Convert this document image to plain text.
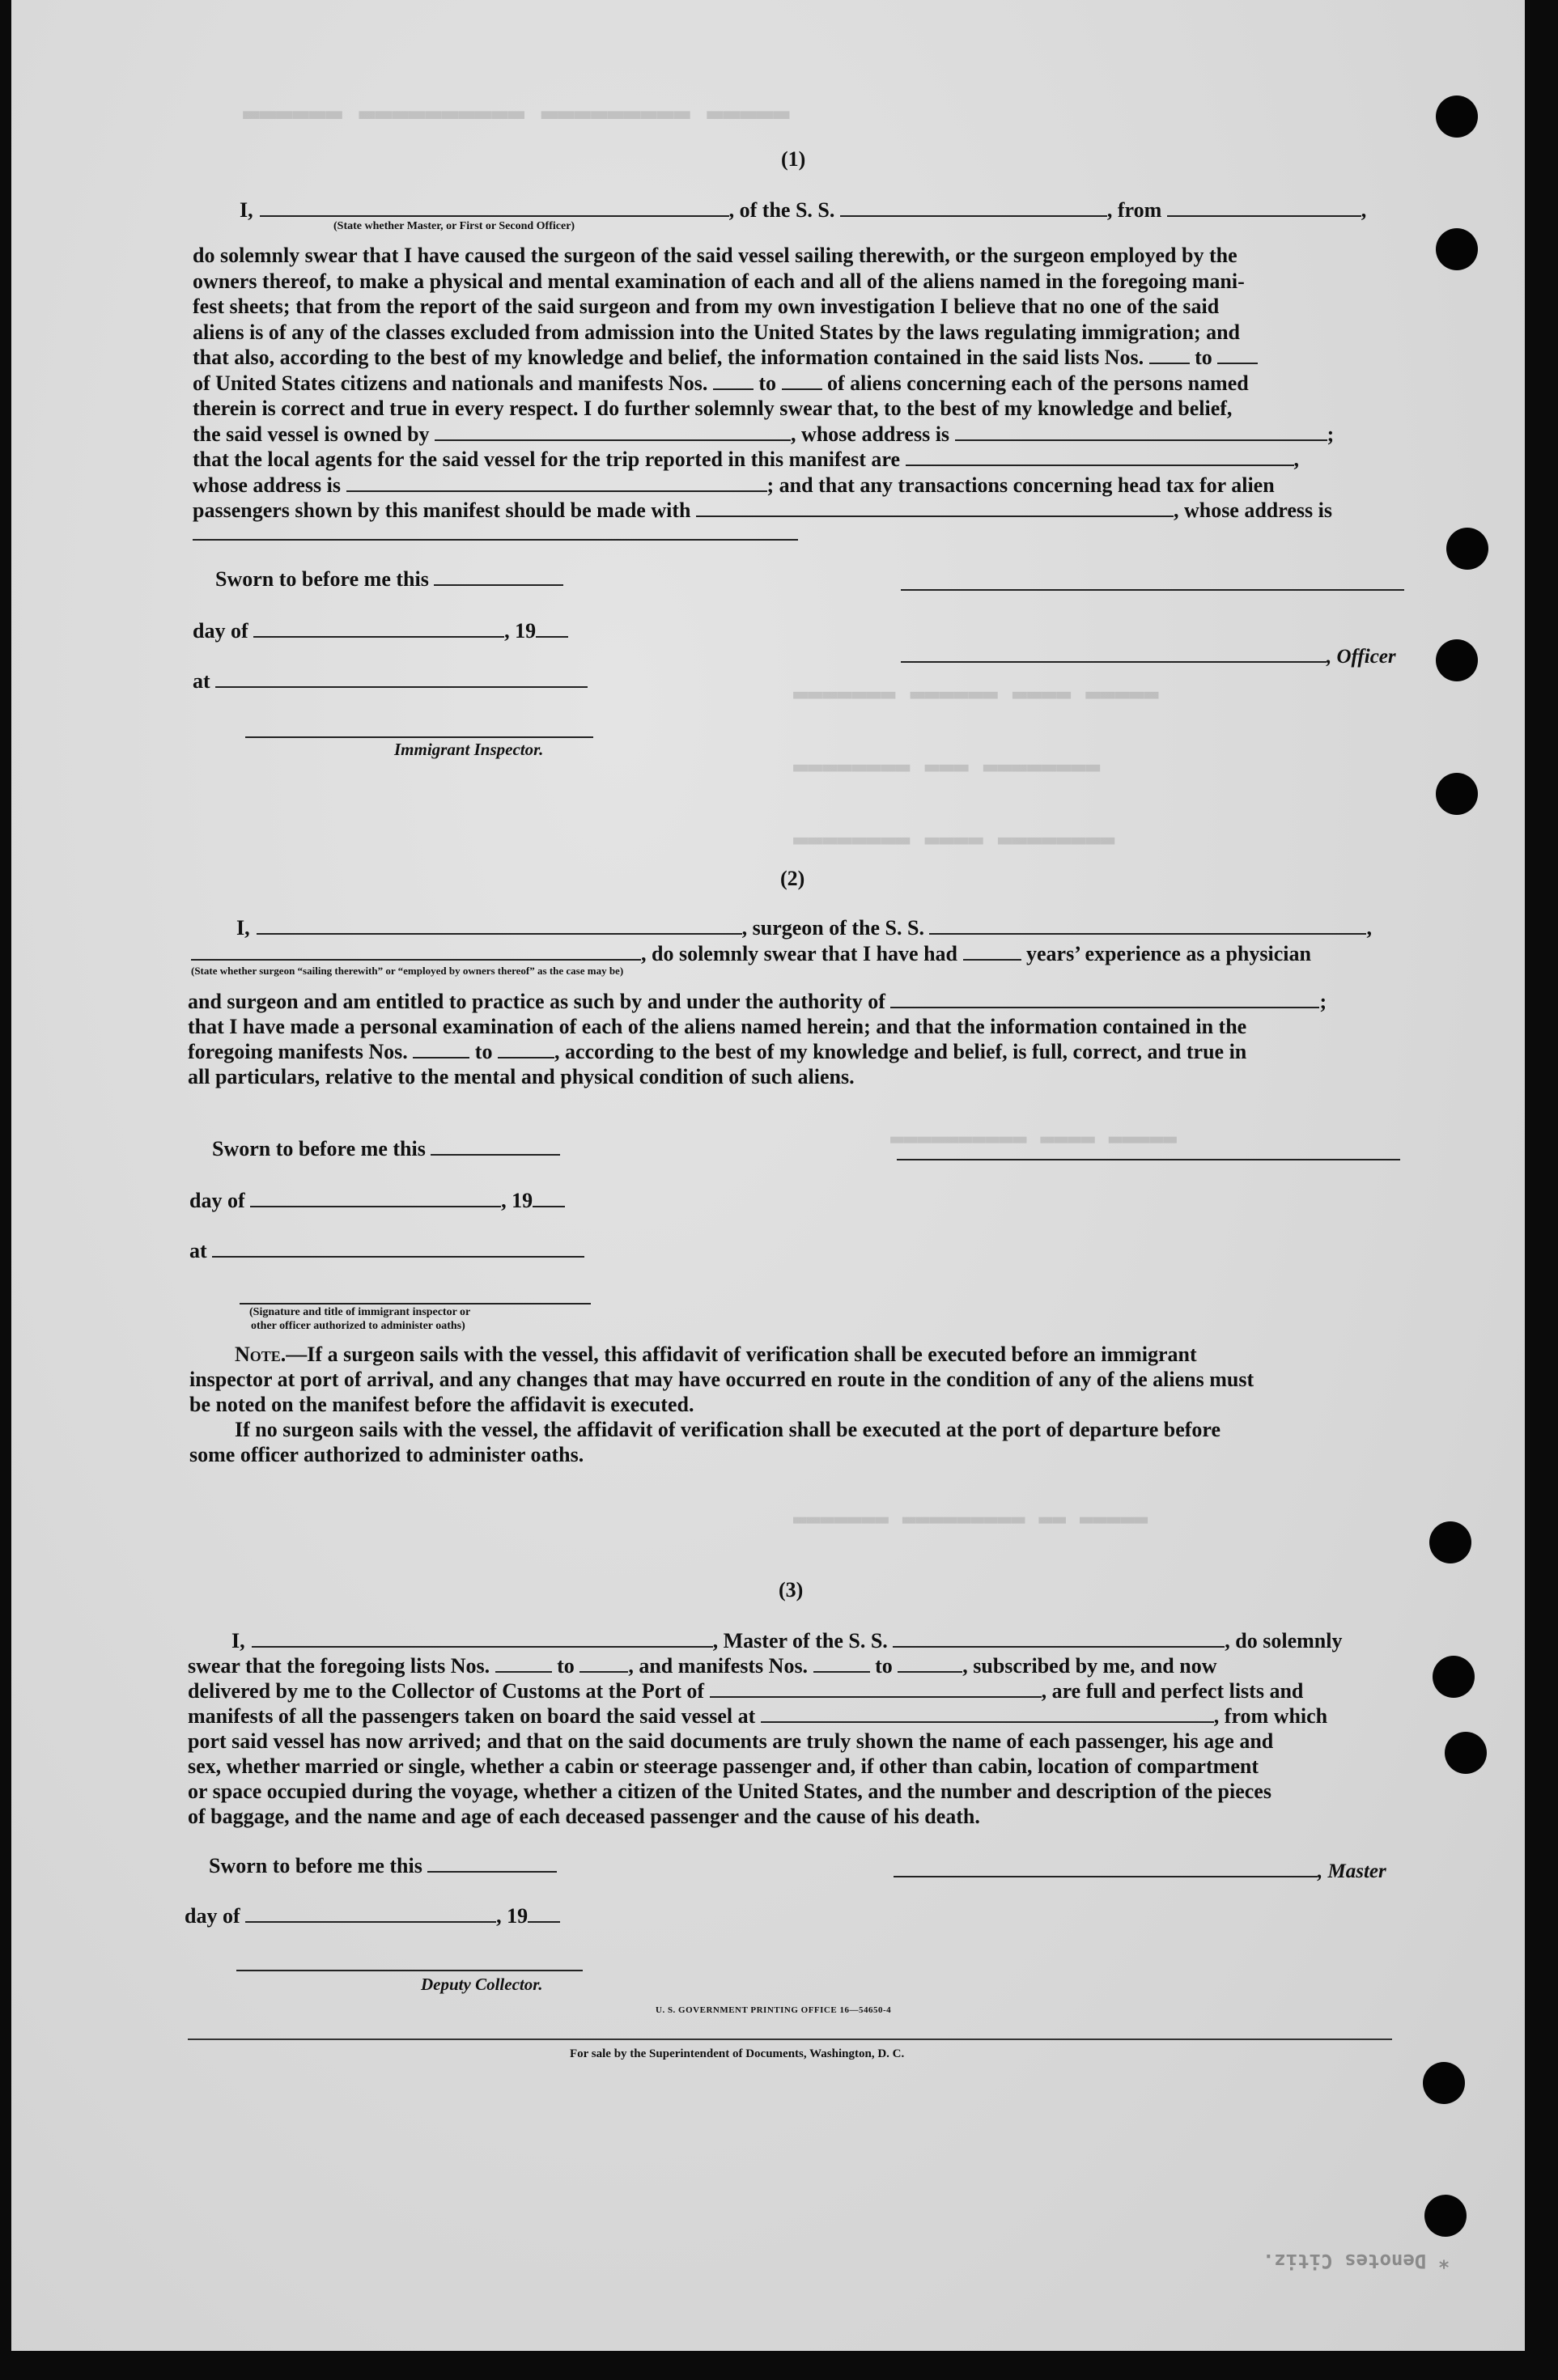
▬▬▬▬▬ ▬▬▬▬▬▬▬▬▬ ▬▬▬▬▬▬▬▬▬▬ ▬▬▬▬▬▬
▬▬▬▬▬▬▬ ▬▬▬▬▬▬ ▬▬▬▬ ▬▬▬▬▬
▬▬▬▬▬▬▬▬ ▬▬▬ ▬▬▬▬▬▬▬▬
▬▬▬▬▬▬▬▬ ▬▬▬▬ ▬▬▬▬▬▬▬▬
▬▬▬▬▬▬▬▬▬▬ ▬▬▬▬ ▬▬▬▬▬
▬▬▬▬▬▬▬ ▬▬▬▬▬▬▬▬▬ ▬▬ ▬▬▬▬▬
(1)
I,	, of the S. S.	, from	,
(State whether Master, or First or Second Officer)
do solemnly swear that I have caused the surgeon of the said vessel sailing therewith, or the surgeon employed by the
owners thereof, to make a physical and mental examination of each and all of the aliens named in the foregoing mani-
fest sheets; that from the report of the said surgeon and from my own investigation I believe that no one of the said
aliens is of any of the classes excluded from admission into the United States by the laws regulating immigration; and
that also, according to the best of my knowledge and belief, the information contained in the said lists Nos. to
of United States citizens and nationals and manifests Nos. to of aliens concerning each of the persons named
therein is correct and true in every respect. I do further solemnly swear that, to the best of my knowledge and belief,
the said vessel is owned by	, whose address is	;
that the local agents for the said vessel for the trip reported in this manifest are	,
whose address is	; and that any transactions concerning head tax for alien
passengers shown by this manifest should be made with	, whose address is
Sworn to before me this
day of	, 19
, Officer
at
Immigrant Inspector.
(2)
I,	, surgeon of the S. S.	,
, do solemnly swear that I have had	years’ experience as a physician
(State whether surgeon “sailing therewith” or “employed by owners thereof” as the case may be)
and surgeon and am entitled to practice as such by and under the authority of	;
that I have made a personal examination of each of the aliens named herein; and that the information contained in the
foregoing manifests Nos.	to	, according to the best of my knowledge and belief, is full, correct, and true in
all particulars, relative to the mental and physical condition of such aliens.
Sworn to before me this
day of	, 19
at
(Signature and title of immigrant inspector or
other officer authorized to administer oaths)
Note.—If a surgeon sails with the vessel, this affidavit of verification shall be executed before an immigrant
inspector at port of arrival, and any changes that may have occurred en route in the condition of any of the aliens must
be noted on the manifest before the affidavit is executed.
If no surgeon sails with the vessel, the affidavit of verification shall be executed at the port of departure before
some officer authorized to administer oaths.
(3)
I,	, Master of the S. S.	, do solemnly
swear that the foregoing lists Nos.	to	, and manifests Nos.	to	, subscribed by me, and now
delivered by me to the Collector of Customs at the Port of	, are full and perfect lists and
manifests of all the passengers taken on board the said vessel at	, from which
port said vessel has now arrived; and that on the said documents are truly shown the name of each passenger, his age and
sex, whether married or single, whether a cabin or steerage passenger and, if other than cabin, location of compartment
or space occupied during the voyage, whether a citizen of the United States, and the number and description of the pieces
of baggage, and the name and age of each deceased passenger and the cause of his death.
Sworn to before me this	, Master
day of	, 19
Deputy Collector.
U. S. GOVERNMENT PRINTING OFFICE 16—54650-4
For sale by the Superintendent of Documents, Washington, D. C.
* Denotes Citiz.
